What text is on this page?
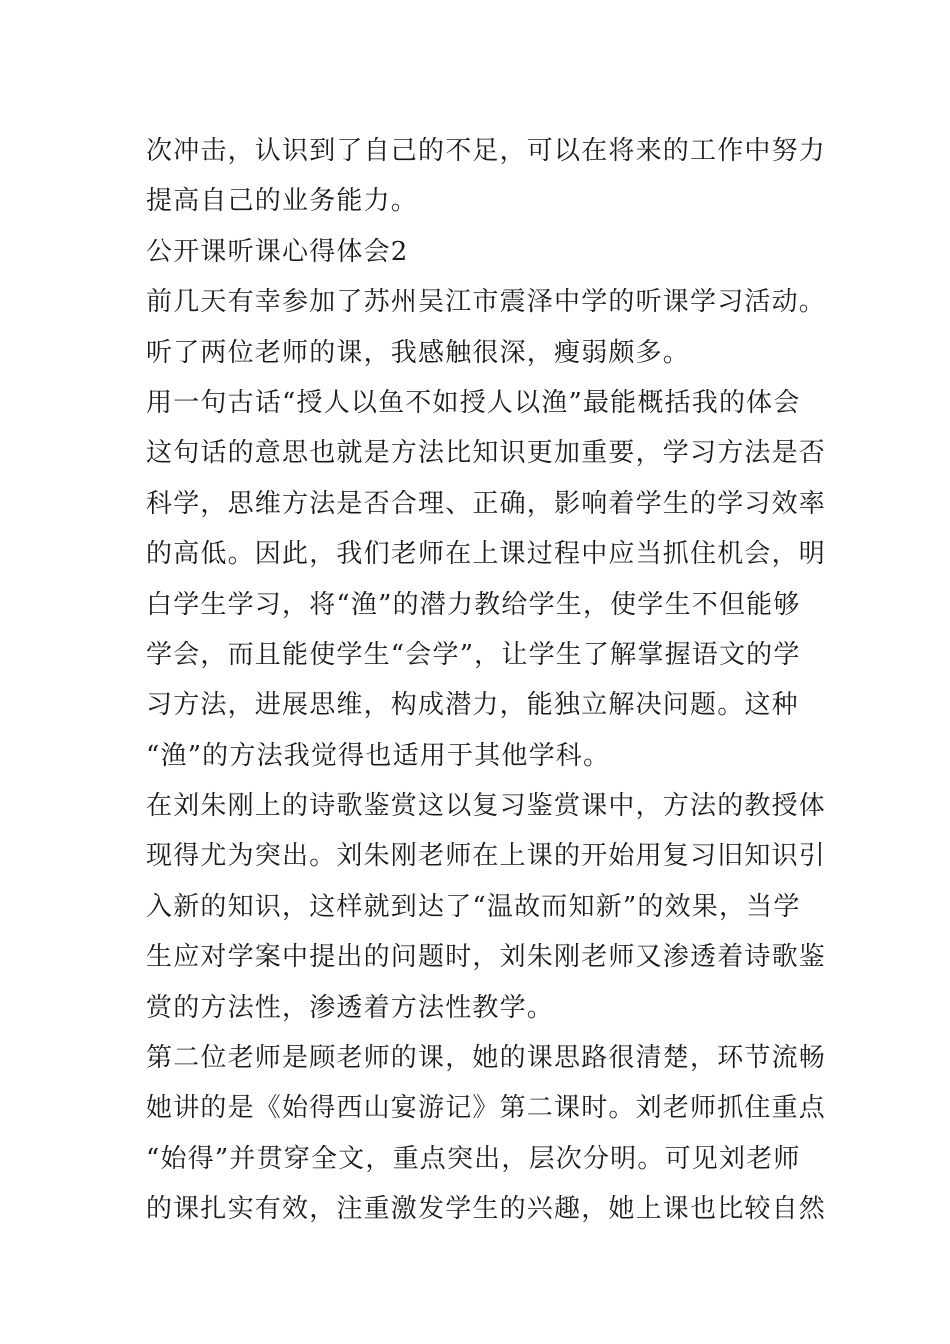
次冲击，认识到了自己的不足，可以在将来的工作中努力
提高自己的业务能力。
公开课听课心得体会2
前几天有幸参加了苏州吴江市震泽中学的听课学习活动。
听了两位老师的课，我感触很深，瘦弱颇多。
用一句古话“授人以鱼不如授人以渔”最能概括我的体会
这句话的意思也就是方法比知识更加重要，学习方法是否
科学，思维方法是否合理、正确，影响着学生的学习效率
的高低。因此，我们老师在上课过程中应当抓住机会，明
白学生学习，将“渔”的潜力教给学生，使学生不但能够
学会，而且能使学生“会学”，让学生了解掌握语文的学
习方法，进展思维，构成潜力，能独立解决问题。这种
“渔”的方法我觉得也适用于其他学科。
在刘朱刚上的诗歌鉴赏这以复习鉴赏课中，方法的教授体
现得尤为突出。刘朱刚老师在上课的开始用复习旧知识引
入新的知识，这样就到达了“温故而知新”的效果，当学
生应对学案中提出的问题时，刘朱刚老师又渗透着诗歌鉴
赏的方法性，渗透着方法性教学。
第二位老师是顾老师的课，她的课思路很清楚，环节流畅
她讲的是《始得西山宴游记》第二课时。刘老师抓住重点
“始得”并贯穿全文，重点突出，层次分明。可见刘老师
的课扎实有效，注重激发学生的兴趣，她上课也比较自然
